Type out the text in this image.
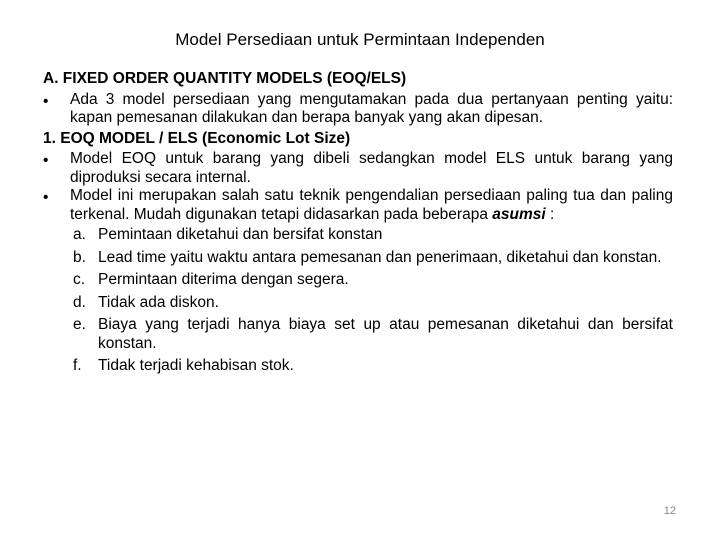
Model Persediaan untuk Permintaan Independen

A. FIXED ORDER QUANTITY MODELS (EOQ/ELS)

•	Ada 3 model persediaan yang mengutamakan pada dua pertanyaan penting yaitu: kapan pemesanan dilakukan dan berapa banyak yang akan dipesan.

1. EOQ MODEL / ELS (Economic Lot Size)

•	Model EOQ untuk barang yang dibeli sedangkan model ELS untuk barang yang diproduksi secara internal.
•	Model ini merupakan salah satu teknik pengendalian persediaan paling tua dan paling terkenal. Mudah digunakan tetapi didasarkan pada beberapa asumsi :
a. Pemintaan diketahui dan bersifat konstan
b. Lead time yaitu waktu antara pemesanan dan penerimaan, diketahui dan konstan.
c. Permintaan diterima dengan segera.
d. Tidak ada diskon.
e. Biaya yang terjadi hanya biaya set up atau pemesanan diketahui dan bersifat konstan.
f.	Tidak terjadi kehabisan stok.
12
